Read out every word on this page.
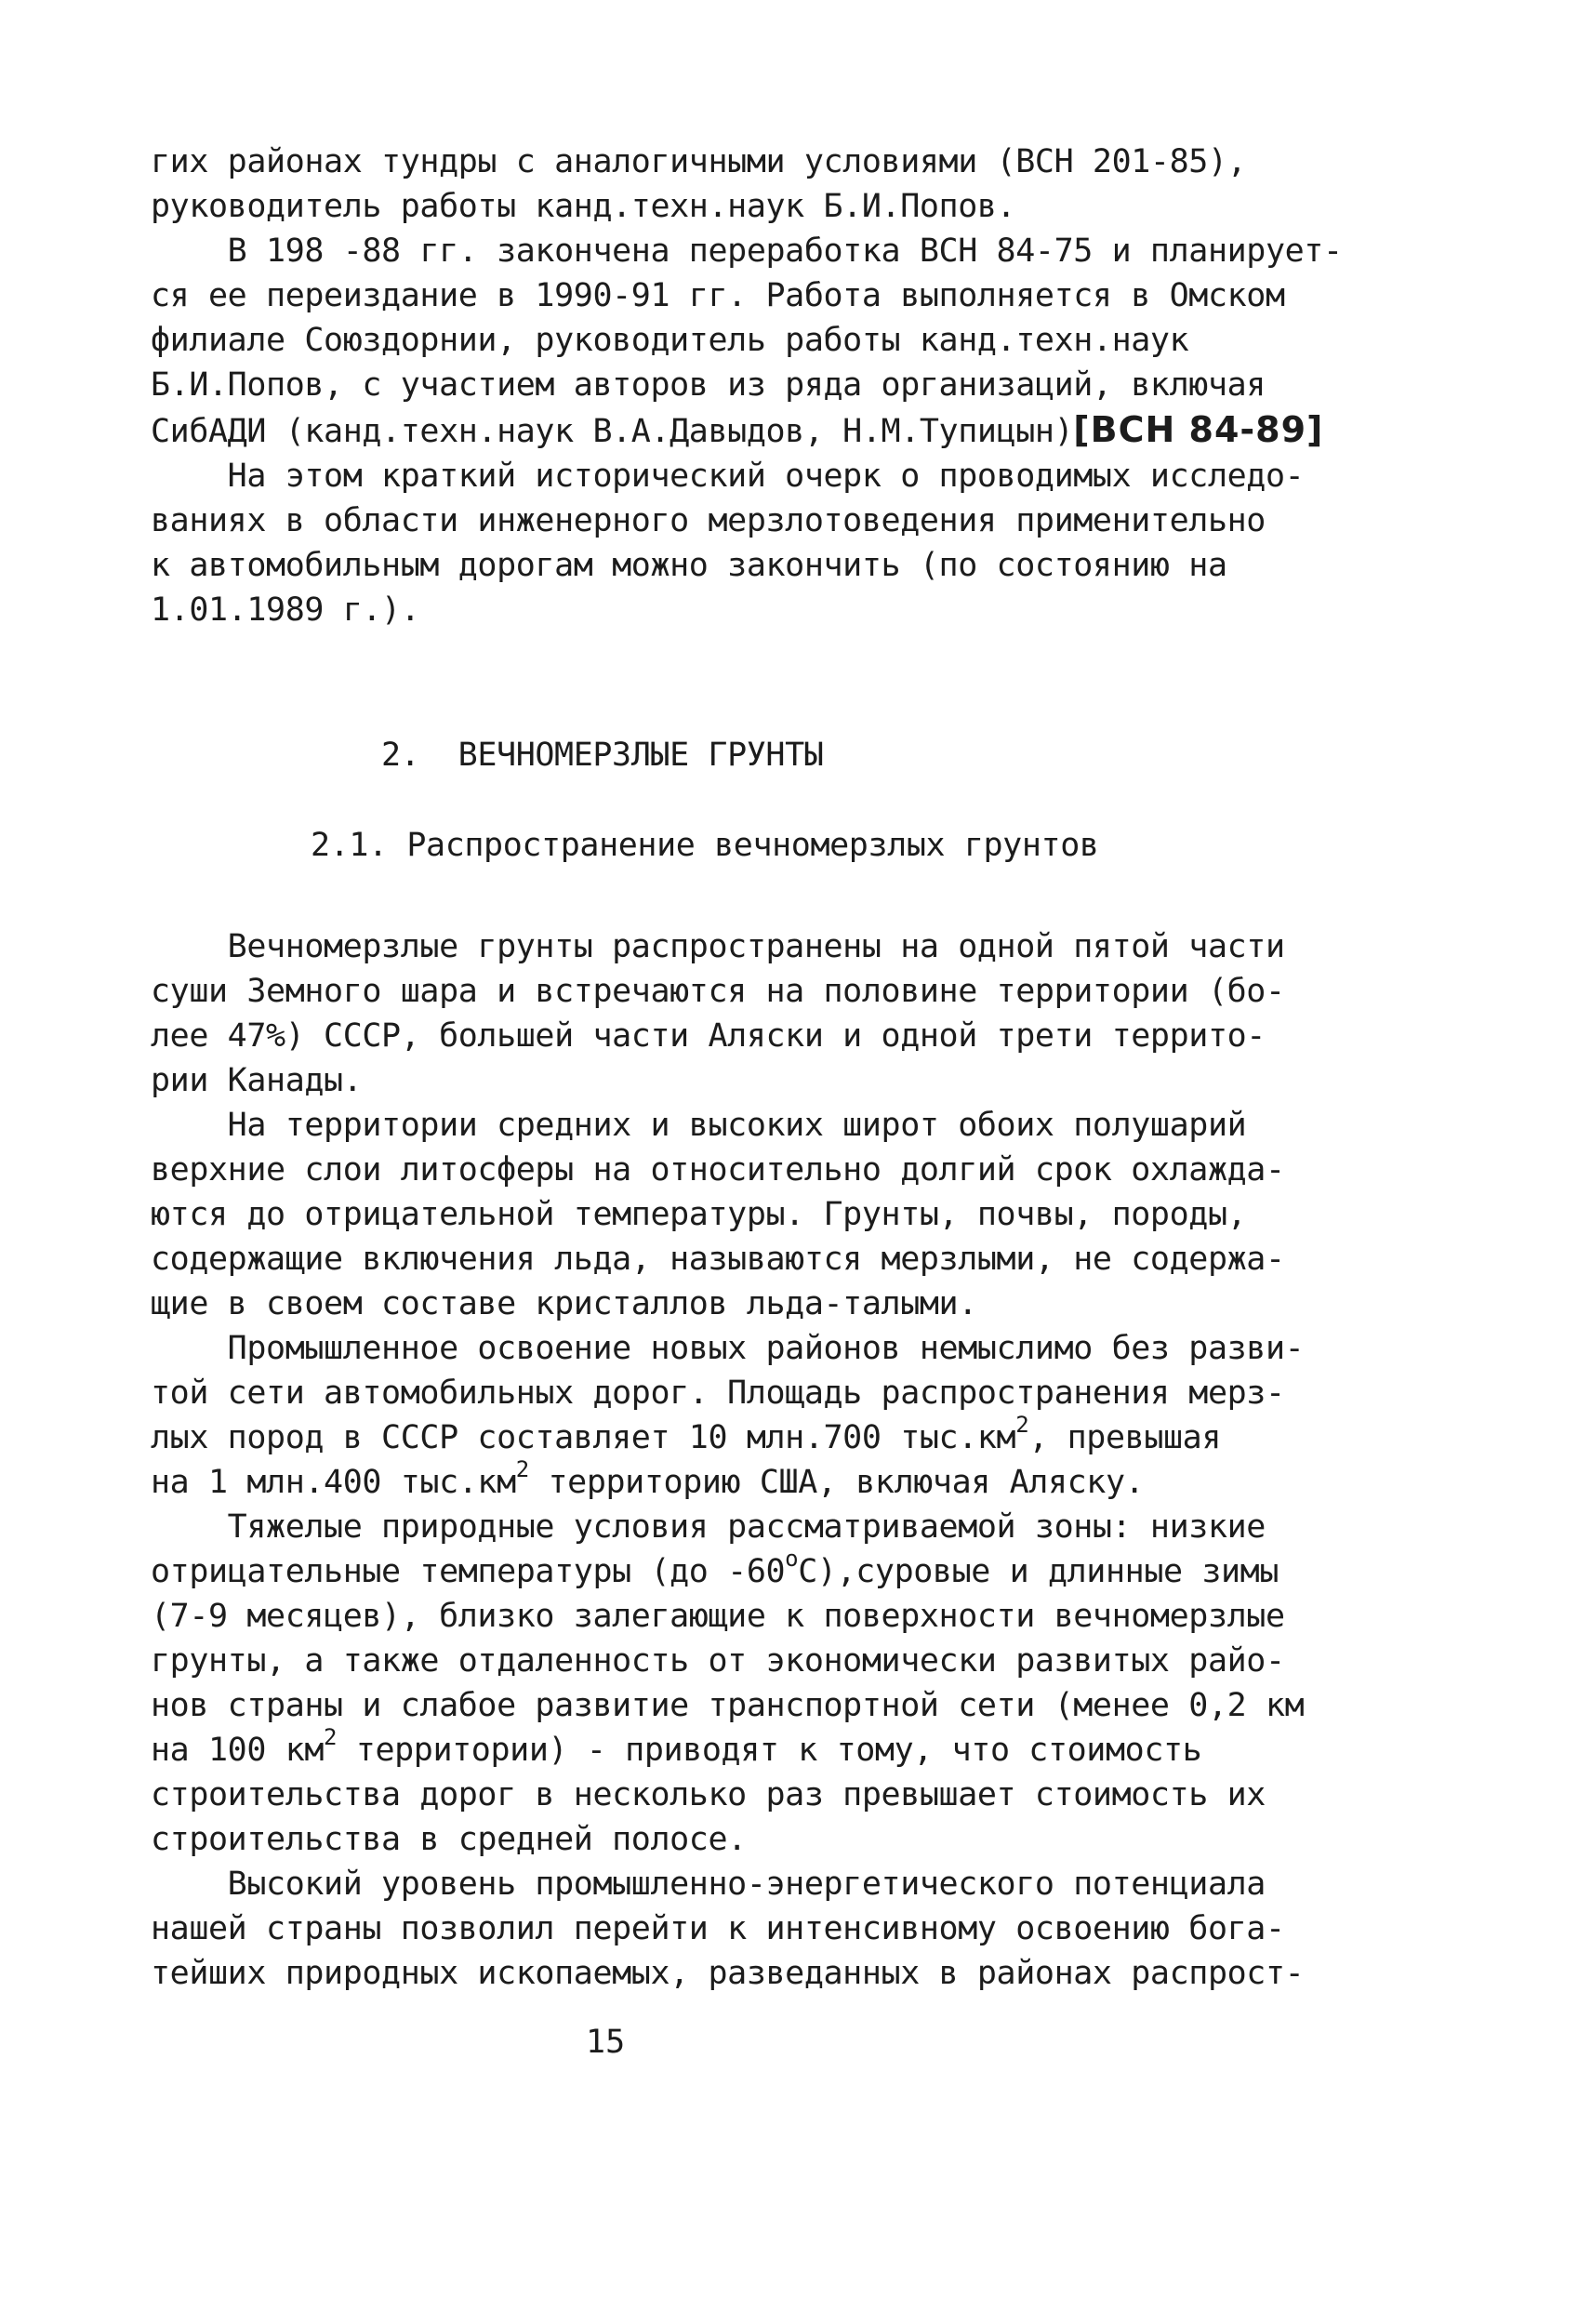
гих районах тундры с аналогичными условиями (ВСН 201-85),
руководитель работы канд.техн.наук Б.И.Попов.
В 198 -88 гг. закончена переработка ВСН 84-75 и планирует-
ся ее переиздание в 1990-91 гг. Работа выполняется в Омском
филиале Союздорнии, руководитель работы канд.техн.наук
Б.И.Попов, с участием авторов из ряда организаций, включая
СибАДИ (канд.техн.наук В.А.Давыдов, Н.М.Тупицын)[ВСН 84-89]
На этом краткий исторический очерк о проводимых исследо-
ваниях в области инженерного мерзлотоведения применительно
к автомобильным дорогам можно закончить (по состоянию на
1.01.1989 г.).
2.  ВЕЧНОМЕРЗЛЫЕ ГРУНТЫ
2.1. Распространение вечномерзлых грунтов
Вечномерзлые грунты распространены на одной пятой части
суши Земного шара и встречаются на половине территории (бо-
лее 47%) СССР, большей части Аляски и одной трети террито-
рии Канады.
На территории средних и высоких широт обоих полушарий
верхние слои литосферы на относительно долгий срок охлажда-
ются до отрицательной температуры. Грунты, почвы, породы,
содержащие включения льда, называются мерзлыми, не содержа-
щие в своем составе кристаллов льда-талыми.
Промышленное освоение новых районов немыслимо без разви-
той сети автомобильных дорог. Площадь распространения мерз-
лых пород в СССР составляет 10 млн.700 $тыс.км^2$, превышая
на 1 млн.400 $тыс.км^2$ территорию США, включая Аляску.
Тяжелые природные условия рассматриваемой зоны: низкие
отрицательные температуры (до $-60^оС),суровые$ и длинные зимы
(7-9 месяцев), близко залегающие к поверхности вечномерзлые
грунты, а также отдаленность от экономически развитых райо-
нов страны и слабое развитие транспортной сети (менее 0,2 км
на 100 $км^2$ территории) - приводят к тому, что стоимость
строительства дорог в несколько раз превышает стоимость их
строительства в средней полосе.
Высокий уровень промышленно-энергетического потенциала
нашей страны позволил перейти к интенсивному освоению бога-
тейших природных ископаемых, разведанных в районах распрост-
15
